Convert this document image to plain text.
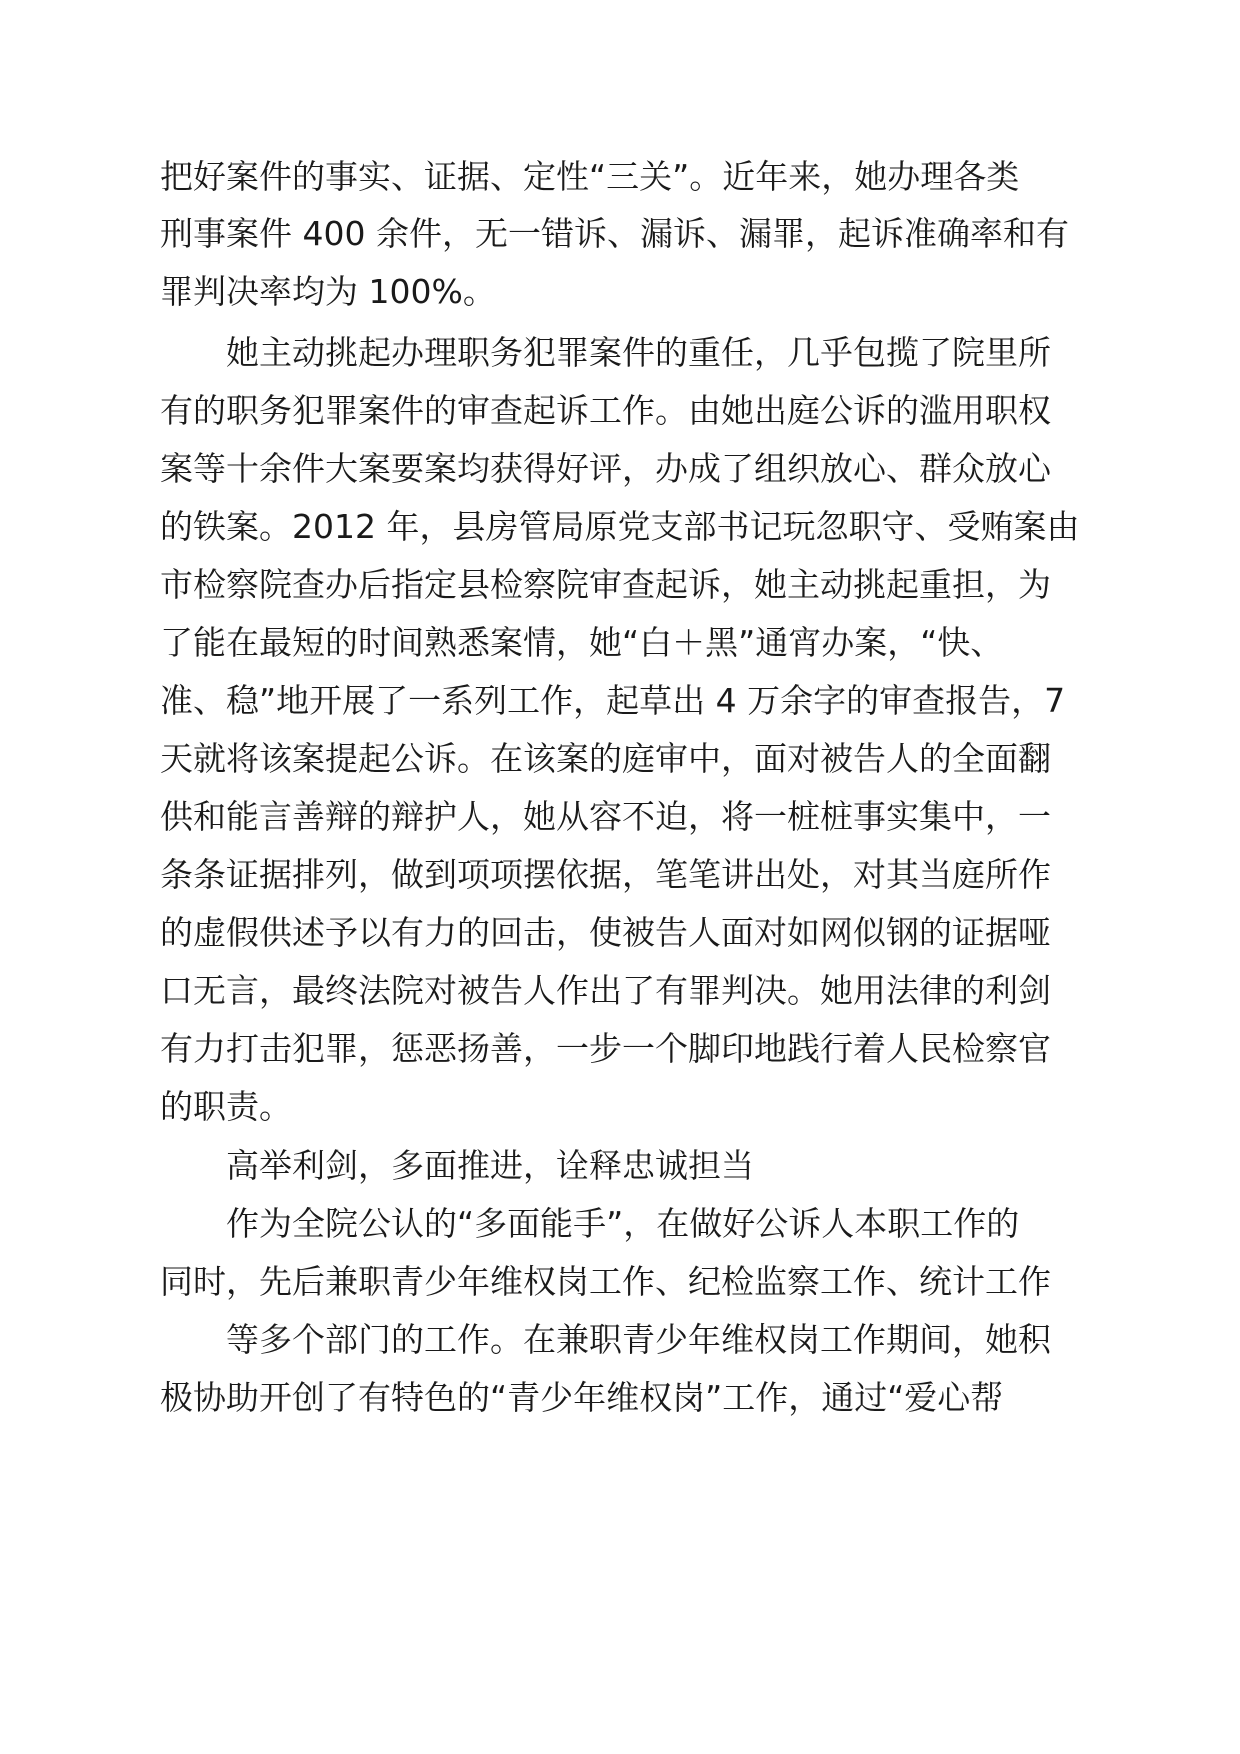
把好案件的事实、证据、定性“三关”。近年来，她办理各类
刑事案件 400 余件，无一错诉、漏诉、漏罪，起诉准确率和有
罪判决率均为 100%。
她主动挑起办理职务犯罪案件的重任，几乎包揽了院里所
有的职务犯罪案件的审查起诉工作。由她出庭公诉的滥用职权
案等十余件大案要案均获得好评，办成了组织放心、群众放心
的铁案。2012 年，县房管局原党支部书记玩忽职守、受贿案由
市检察院查办后指定县检察院审查起诉，她主动挑起重担，为
了能在最短的时间熟悉案情，她“白＋黑”通宵办案，“快、
准、稳”地开展了一系列工作，起草出 4 万余字的审查报告，7
天就将该案提起公诉。在该案的庭审中，面对被告人的全面翻
供和能言善辩的辩护人，她从容不迫，将一桩桩事实集中，一
条条证据排列，做到项项摆依据，笔笔讲出处，对其当庭所作
的虚假供述予以有力的回击，使被告人面对如网似钢的证据哑
口无言，最终法院对被告人作出了有罪判决。她用法律的利剑
有力打击犯罪，惩恶扬善，一步一个脚印地践行着人民检察官
的职责。
高举利剑，多面推进，诠释忠诚担当
作为全院公认的“多面能手”，在做好公诉人本职工作的
同时，先后兼职青少年维权岗工作、纪检监察工作、统计工作
等多个部门的工作。在兼职青少年维权岗工作期间，她积
极协助开创了有特色的“青少年维权岗”工作，通过“爱心帮
